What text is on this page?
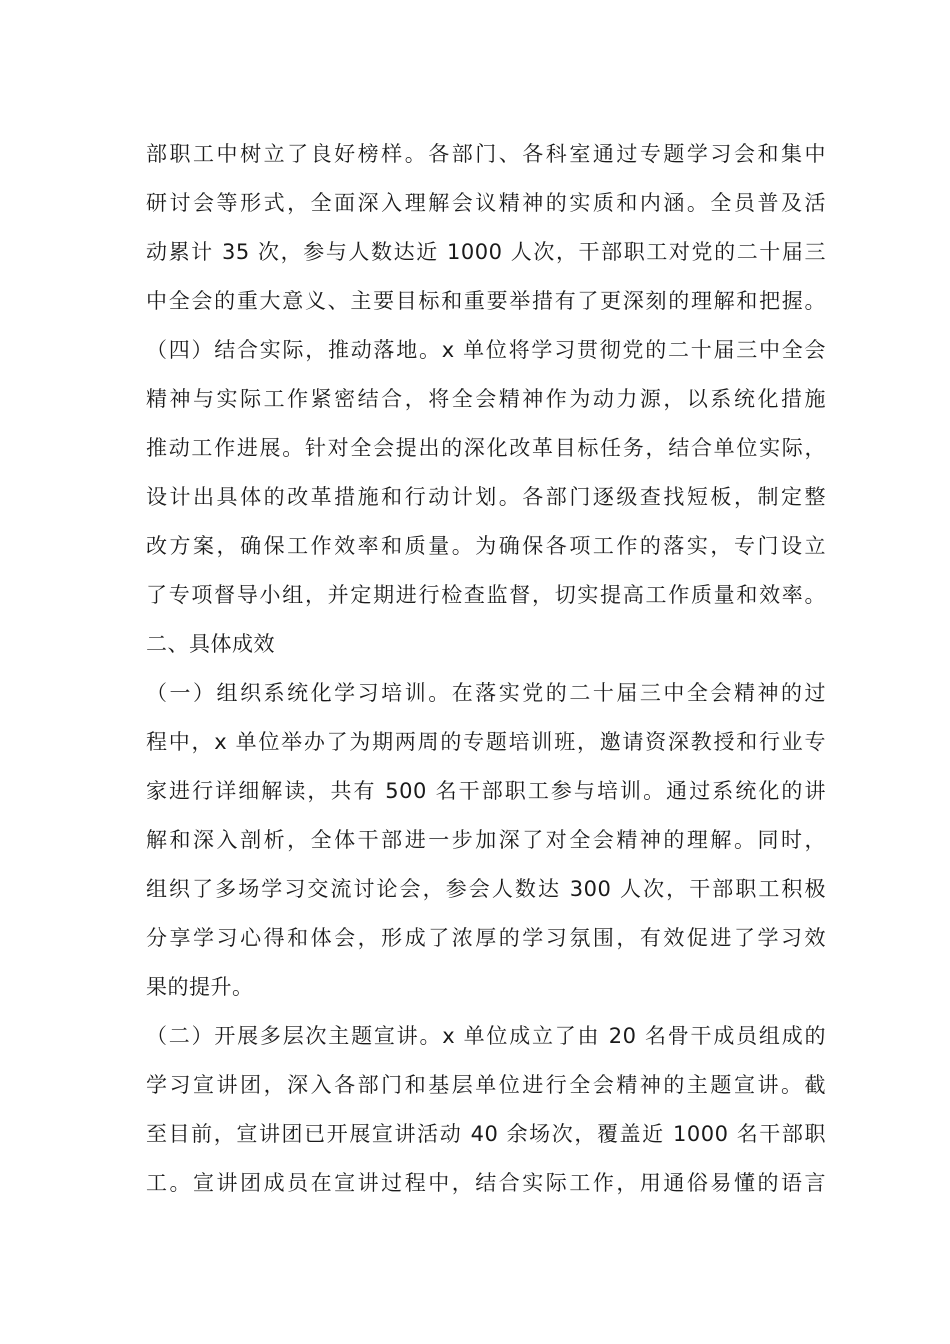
部职工中树立了良好榜样。各部门、各科室通过专题学习会和集中
研讨会等形式，全面深入理解会议精神的实质和内涵。全员普及活
动累计 35 次，参与人数达近 1000 人次，干部职工对党的二十届三
中全会的重大意义、主要目标和重要举措有了更深刻的理解和把握。
（四）结合实际，推动落地。x 单位将学习贯彻党的二十届三中全会
精神与实际工作紧密结合，将全会精神作为动力源，以系统化措施
推动工作进展。针对全会提出的深化改革目标任务，结合单位实际，
设计出具体的改革措施和行动计划。各部门逐级查找短板，制定整
改方案，确保工作效率和质量。为确保各项工作的落实，专门设立
了专项督导小组，并定期进行检查监督，切实提高工作质量和效率。
二、具体成效
（一）组织系统化学习培训。在落实党的二十届三中全会精神的过
程中，x 单位举办了为期两周的专题培训班，邀请资深教授和行业专
家进行详细解读，共有 500 名干部职工参与培训。通过系统化的讲
解和深入剖析，全体干部进一步加深了对全会精神的理解。同时，
组织了多场学习交流讨论会，参会人数达 300 人次，干部职工积极
分享学习心得和体会，形成了浓厚的学习氛围，有效促进了学习效
果的提升。
（二）开展多层次主题宣讲。x 单位成立了由 20 名骨干成员组成的
学习宣讲团，深入各部门和基层单位进行全会精神的主题宣讲。截
至目前，宣讲团已开展宣讲活动 40 余场次，覆盖近 1000 名干部职
工。宣讲团成员在宣讲过程中，结合实际工作，用通俗易懂的语言
